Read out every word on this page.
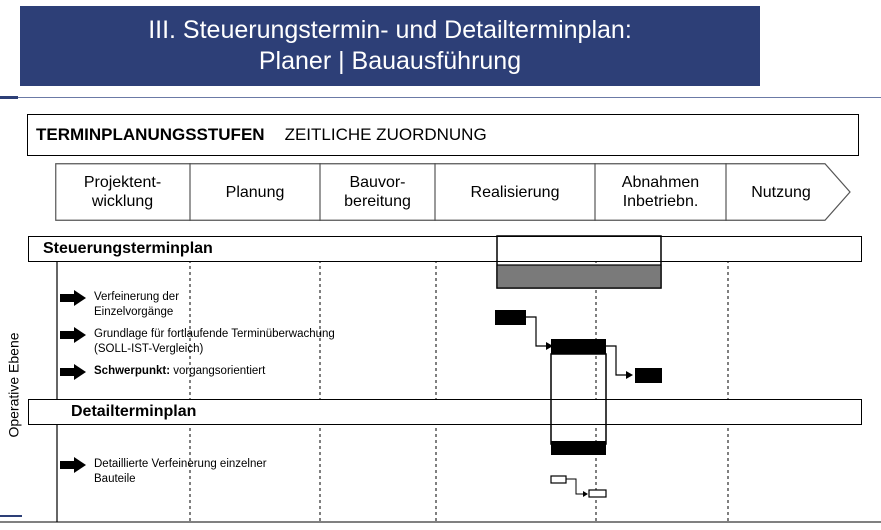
III. Steuerungstermin- und Detailterminplan:
Planer | Bauausführung
TERMINPLANUNGSSTUFEN ZEITLICHE ZUORDNUNG
Projektent-
wicklung
Planung
Bauvor-
bereitung
Realisierung
Abnahmen
Inbetriebn.
Nutzung
Steuerungsterminplan
Detailterminplan
Operative Ebene
Verfeinerung der
Einzelvorgänge
Grundlage für fortlaufende Terminüberwachung
(SOLL-IST-Vergleich)
Schwerpunkt: vorgangsorientiert
Detaillierte Verfeinerung einzelner
Bauteile
